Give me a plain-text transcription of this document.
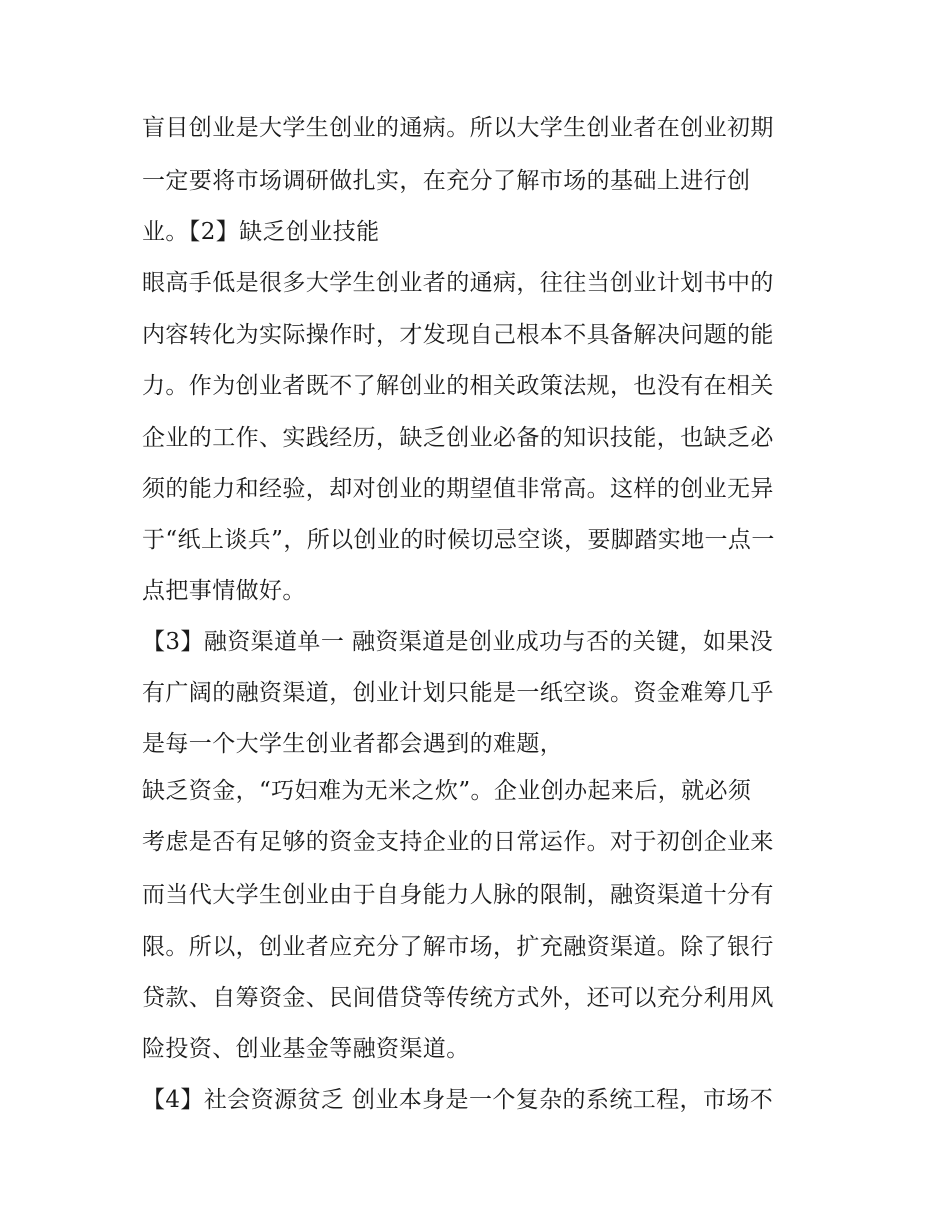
盲目创业是大学生创业的通病。所以大学生创业者在创业初期

一定要将市场调研做扎实，在充分了解市场的基础上进行创

业。【2】缺乏创业技能

眼高手低是很多大学生创业者的通病，往往当创业计划书中的

内容转化为实际操作时，才发现自己根本不具备解决问题的能

力。作为创业者既不了解创业的相关政策法规，也没有在相关

企业的工作、实践经历，缺乏创业必备的知识技能，也缺乏必

须的能力和经验，却对创业的期望值非常高。这样的创业无异

于“纸上谈兵”，所以创业的时候切忌空谈，要脚踏实地一点一

点把事情做好。

【3】融资渠道单一 融资渠道是创业成功与否的关键，如果没

有广阔的融资渠道，创业计划只能是一纸空谈。资金难筹几乎

是每一个大学生创业者都会遇到的难题，

缺乏资金，“巧妇难为无米之炊”。企业创办起来后，就必须

考虑是否有足够的资金支持企业的日常运作。对于初创企业来

而当代大学生创业由于自身能力人脉的限制，融资渠道十分有

限。所以，创业者应充分了解市场，扩充融资渠道。除了银行

贷款、自筹资金、民间借贷等传统方式外，还可以充分利用风

险投资、创业基金等融资渠道。

【4】社会资源贫乏 创业本身是一个复杂的系统工程，市场不
